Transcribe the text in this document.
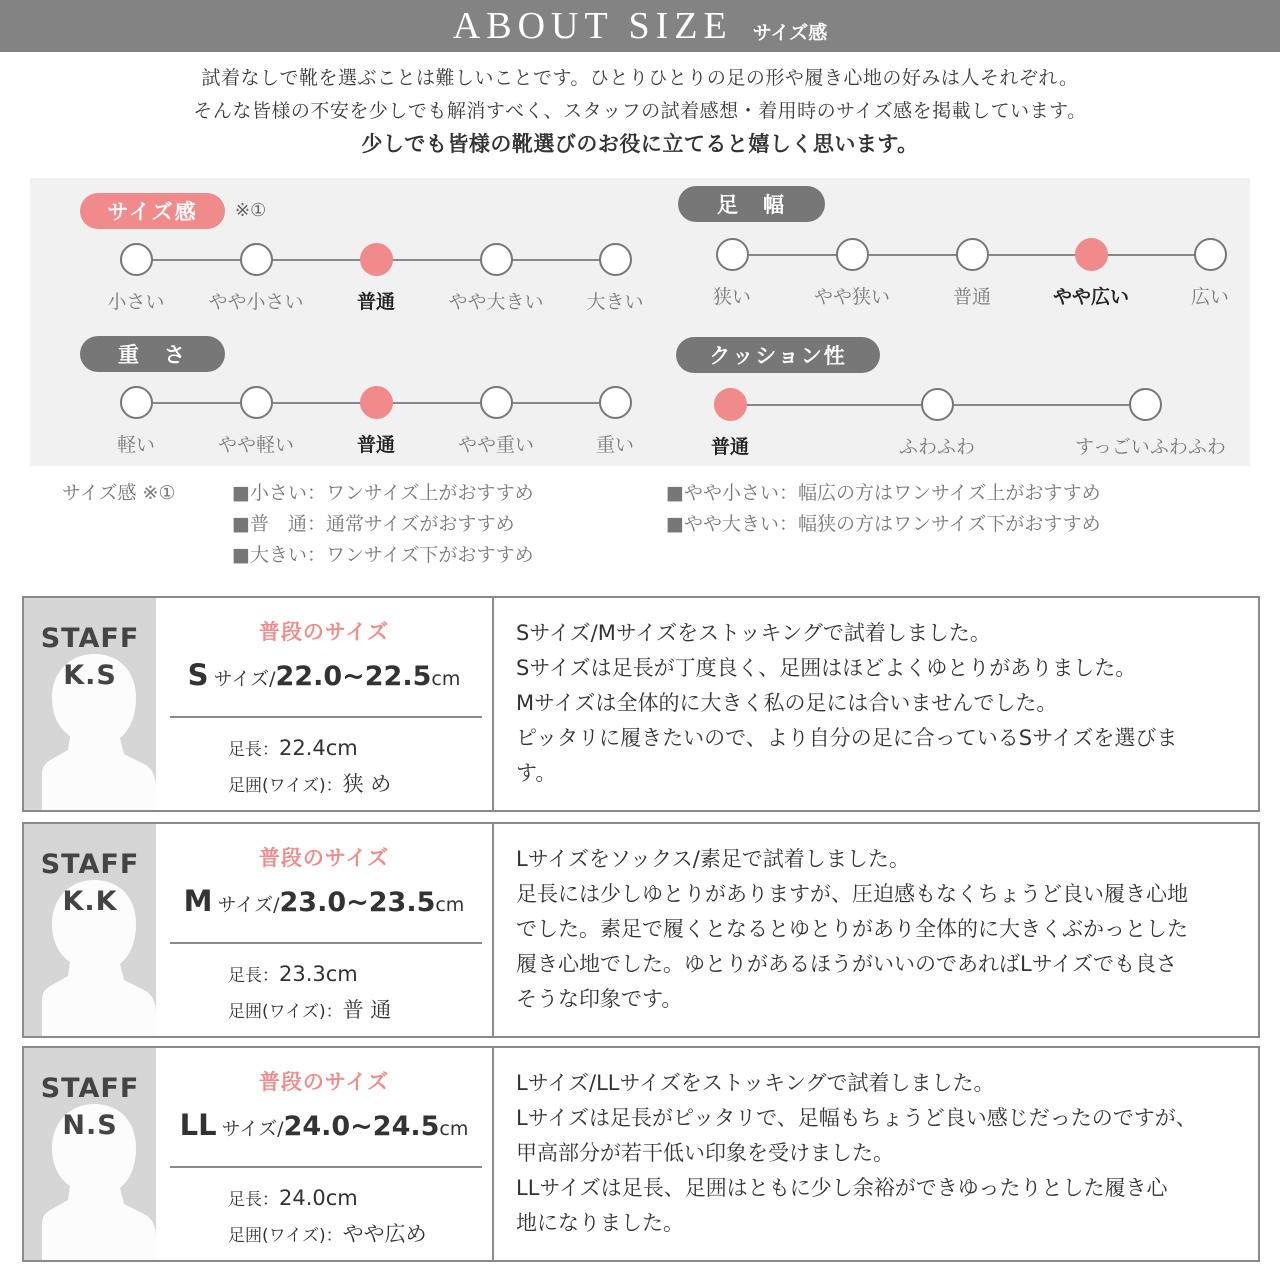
ABOUT SIZE サイズ感

試着なしで靴を選ぶことは難しいことです。ひとりひとりの足の形や履き心地の好みは人それぞれ。

そんな皆様の不安を少しでも解消すべく、スタッフの試着感想・着用時のサイズ感を掲載しています。

少しでも皆様の靴選びのお役に立てると嬉しく思います。

サイズ感	※①
小さい	やや小さい	普通	やや大きい	大きい
足　幅
狭い	やや狭い	普通	やや広い	広い
重　さ
軽い	やや軽い	普通	やや重い	重い
クッション性
普通	ふわふわ	すっごいふわふわ
サイズ感 ※①	■小さい：ワンサイズ上がおすすめ
■普　通：通常サイズがおすすめ
■大きい：ワンサイズ下がおすすめ
■やや小さい：幅広の方はワンサイズ上がおすすめ
■やや大きい：幅狭の方はワンサイズ下がおすすめ
STAFF
K.S
普段のサイズ
S サイズ/22.0~22.5cm
足長：22.4cm
足囲(ワイズ)：狭 め
Sサイズ/Mサイズをストッキングで試着しました。
Sサイズは足長が丁度良く、足囲はほどよくゆとりがありました。
Mサイズは全体的に大きく私の足には合いませんでした。
ピッタリに履きたいので、より自分の足に合っているSサイズを選びま
す。
STAFF
K.K
普段のサイズ
M サイズ/23.0~23.5cm
足長：23.3cm
足囲(ワイズ)：普 通
Lサイズをソックス/素足で試着しました。
足長には少しゆとりがありますが、圧迫感もなくちょうど良い履き心地
でした。素足で履くとなるとゆとりがあり全体的に大きくぶかっとした
履き心地でした。ゆとりがあるほうがいいのであればLサイズでも良さ
そうな印象です。
STAFF
N.S
普段のサイズ
LL サイズ/24.0~24.5cm
足長：24.0cm
足囲(ワイズ)：やや広め
Lサイズ/LLサイズをストッキングで試着しました。
Lサイズは足長がピッタリで、足幅もちょうど良い感じだったのですが、
甲高部分が若干低い印象を受けました。
LLサイズは足長、足囲はともに少し余裕ができゆったりとした履き心
地になりました。
